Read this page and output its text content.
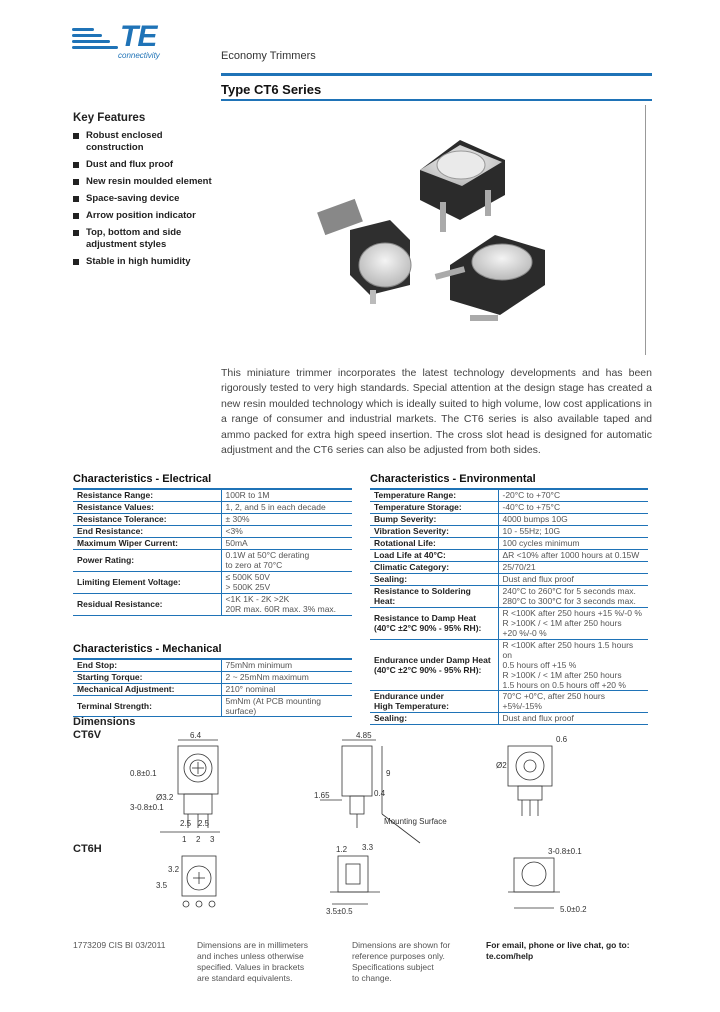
TE
connectivity	Economy Trimmers
Type CT6 Series
Key Features
Robust enclosed construction
Dust and flux proof
New resin moulded element
Space-saving device
Arrow position indicator
Top, bottom and side adjustment styles
Stable in high humidity

This miniature trimmer incorporates the latest technology developments and has been rigorously tested to very high standards. Special attention at the design stage has created a new resin moulded technology which is ideally suited to high volume, low cost applications in a range of consumer and industrial markets. The CT6 series is also available taped and ammo packed for extra high speed insertion. The cross slot head is designed for automatic adjustment and the CT6 series can also be adjusted from both sides.

Characteristics - Electrical
Resistance Range:	100R to 1M
Resistance Values:	1, 2, and 5 in each decade
Resistance Tolerance:	± 30%
End Resistance:	<3%
Maximum Wiper Current:	50mA
Power Rating:	0.1W at 50°C derating
to zero at 70°C
Limiting Element Voltage:	≤ 500K 50V
> 500K 25V
Residual Resistance:	<1K 1K - 2K >2K
20R max. 60R max. 3% max.
Characteristics - Mechanical
End Stop:	75mNm minimum
Starting Torque:	2 ~ 25mNm maximum
Mechanical Adjustment:	210° nominal
Terminal Strength:	5mNm (At PCB mounting surface)
Characteristics - Environmental
Temperature Range:	-20°C to +70°C
Temperature Storage:	-40°C to +75°C
Bump Severity:	4000 bumps 10G
Vibration Severity:	10 - 55Hz; 10G
Rotational Life:	100 cycles minimum
Load Life at 40°C:	ΔR <10% after 1000 hours at 0.15W
Climatic Category:	25/70/21
Sealing:	Dust and flux proof
Resistance to Soldering Heat:	240°C to 260°C for 5 seconds max.
280°C to 300°C for 3 seconds max.
Resistance to Damp Heat
(40°C ±2°C 90% - 95% RH):	R <100K after 250 hours +15 %/-0 %
R >100K / < 1M after 250 hours
+20 %/-0 %
Endurance under Damp Heat
(40°C ±2°C 90% - 95% RH):	R <100K after 250 hours 1.5 hours on
0.5 hours off +15 %
R >100K / < 1M after 250 hours
1.5 hours on 0.5 hours off +20 %
Endurance under
High Temperature:	70°C +0°C, after 250 hours +5%/-15%
Sealing:	Dust and flux proof
Dimensions
CT6V
CT6H
6.4
0.8±0.1
Ø3.2
3-0.8±0.1
2.5 2.5
1 2 3
4.85
9
0.4
1.65
Mounting Surface
0.6
Ø2
3.2
3.5
1.2 3.3
3.5±0.5
3-0.8±0.1
5.0±0.2
1773209 CIS BI 03/2011	Dimensions are in millimeters
and inches unless otherwise
specified. Values in brackets
are standard equivalents.
Dimensions are shown for
reference purposes only.
Specifications subject
to change.
For email, phone or live chat, go to: te.com/help
